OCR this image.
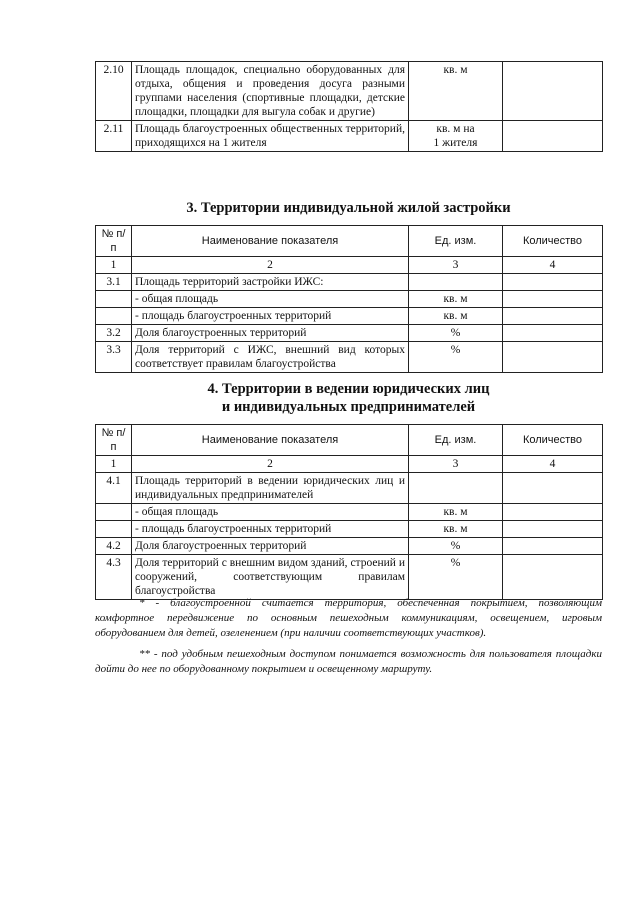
2.10	Площадь площадок, специально оборудованных для отдыха, общения и проведения досуга разными группами населения (спортивные площадки, детские площадки, площадки для выгула собак и другие)	кв. м	
2.11	Площадь благоустроенных общественных территорий, приходящихся на 1 жителя	кв. м на
1 жителя	
3. Территории индивидуальной жилой застройки
№ п/п	Наименование показателя	Ед. изм.	Количество
1	2	3	4
3.1	Площадь территорий застройки ИЖС:		
	- общая площадь	кв. м	
	- площадь благоустроенных территорий	кв. м	
3.2	Доля благоустроенных территорий	%	
3.3	Доля территорий с ИЖС, внешний вид которых соответствует правилам благоустройства	%	
4. Территории в ведении юридических лиц
и индивидуальных предпринимателей
№ п/п	Наименование показателя	Ед. изм.	Количество
1	2	3	4
4.1	Площадь территорий в ведении юридических лиц и индивидуальных предпринимателей		
	- общая площадь	кв. м	
	- площадь благоустроенных территорий	кв. м	
4.2	Доля благоустроенных территорий	%	
4.3	Доля территорий с внешним видом зданий, строений и сооружений, соответствующим правилам благоустройства	%	

* - благоустроенной считается территория, обеспеченная покрытием, позволяющим комфортное передвижение по основным пешеходным коммуникациям, освещением, игровым оборудованием для детей, озеленением (при наличии соответствующих участков).

** - под удобным пешеходным доступом понимается возможность для пользователя площадки дойти до нее по оборудованному покрытием и освещенному маршруту.
